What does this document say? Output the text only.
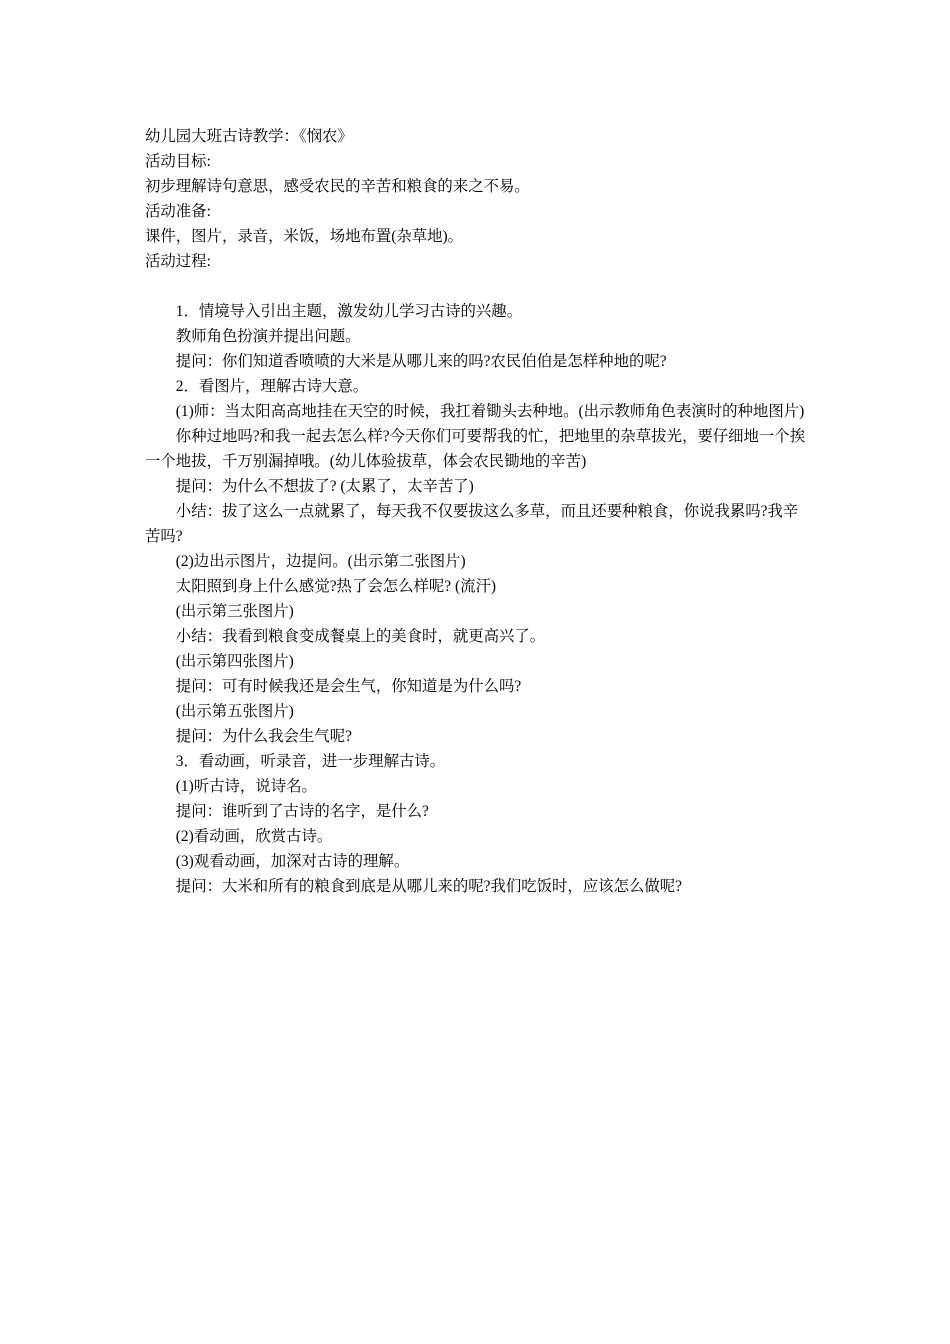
幼儿园大班古诗教学：《悯农》

活动目标:

初步理解诗句意思，感受农民的辛苦和粮食的来之不易。

活动准备:

课件，图片，录音，米饭，场地布置(杂草地)。

活动过程:

1．情境导入引出主题，激发幼儿学习古诗的兴趣。

教师角色扮演并提出问题。

提问：你们知道香喷喷的大米是从哪儿来的吗?农民伯伯是怎样种地的呢?

2．看图片，理解古诗大意。

(1)师：当太阳高高地挂在天空的时候，我扛着锄头去种地。(出示教师角色表演时的种地图片)

你种过地吗?和我一起去怎么样?今天你们可要帮我的忙，把地里的杂草拔光，要仔细地一个挨一个地拔，千万别漏掉哦。(幼儿体验拔草，体会农民锄地的辛苦)

提问：为什么不想拔了? (太累了，太辛苦了)

小结：拔了这么一点就累了，每天我不仅要拔这么多草，而且还要种粮食，你说我累吗?我辛苦吗?

(2)边出示图片，边提问。(出示第二张图片)

太阳照到身上什么感觉?热了会怎么样呢? (流汗)

(出示第三张图片)

小结：我看到粮食变成餐桌上的美食时，就更高兴了。

(出示第四张图片)

提问：可有时候我还是会生气，你知道是为什么吗?

(出示第五张图片)

提问：为什么我会生气呢?

3．看动画，听录音，进一步理解古诗。

(1)听古诗，说诗名。

提问：谁听到了古诗的名字，是什么?

(2)看动画，欣赏古诗。

(3)观看动画，加深对古诗的理解。

提问：大米和所有的粮食到底是从哪儿来的呢?我们吃饭时，应该怎么做呢?
